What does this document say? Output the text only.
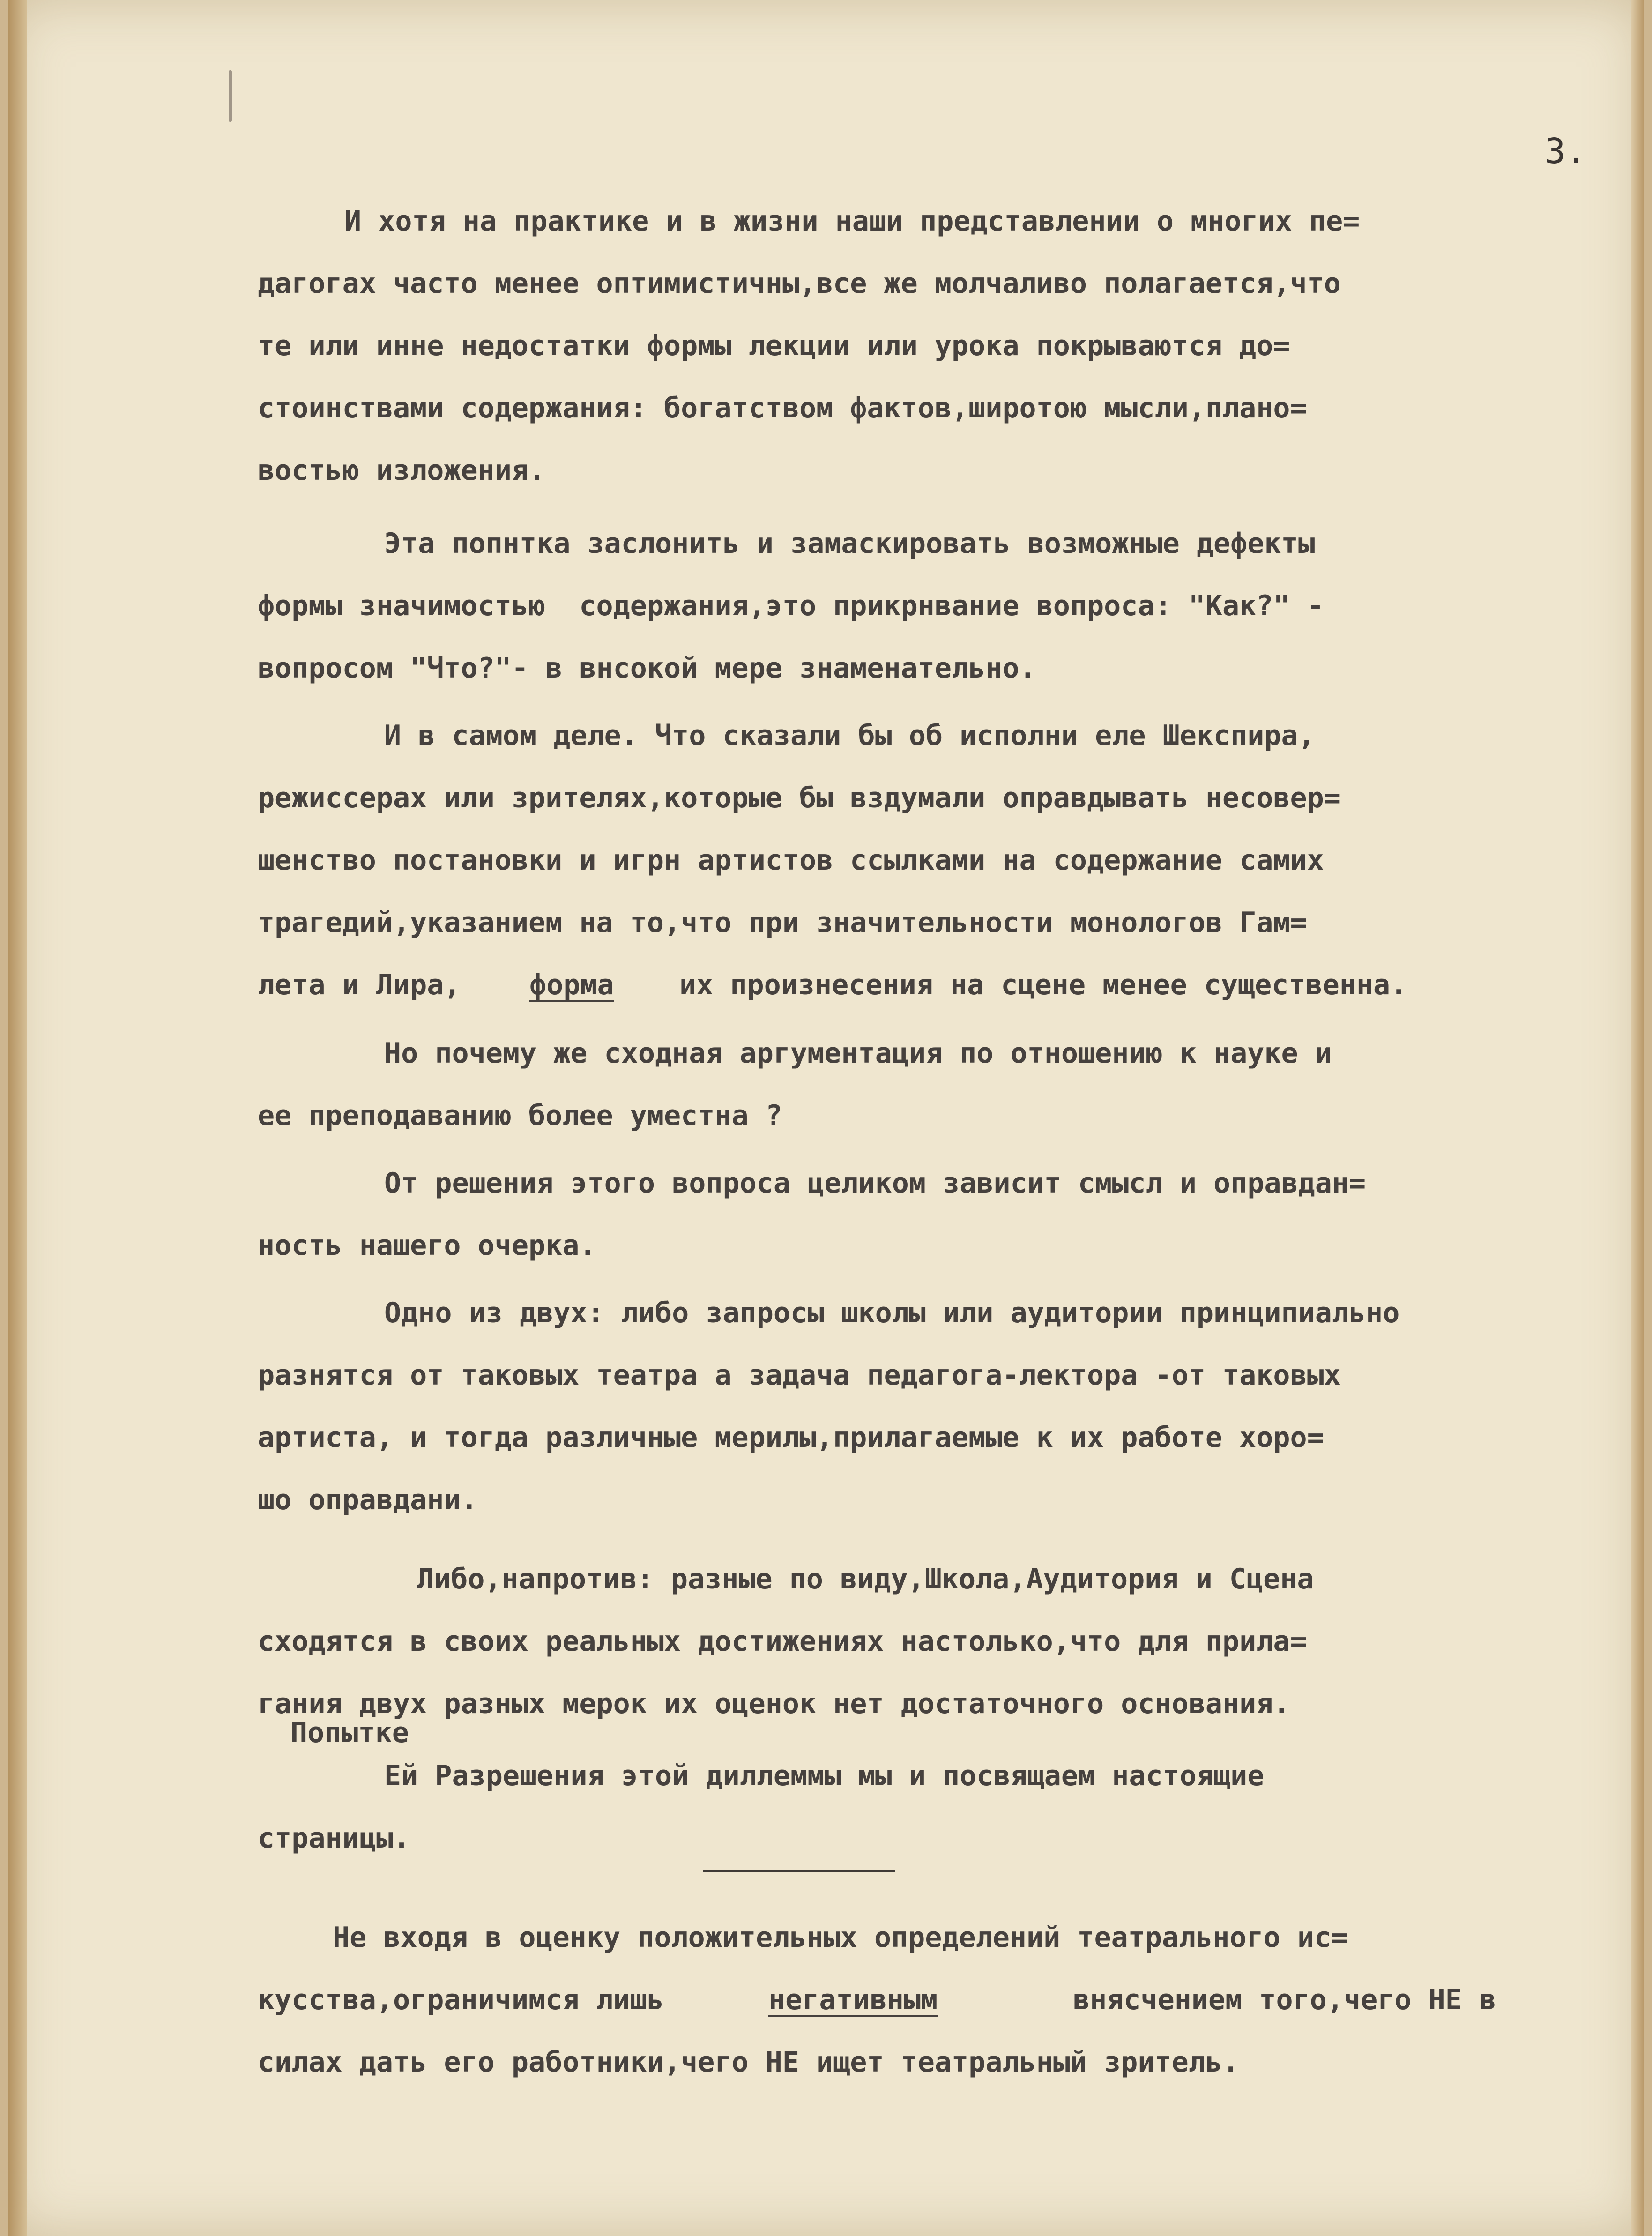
3.
И хотя на практике и в жизни наши представлении о многих пе=
дагогах часто менее оптимистичны,все же молчаливо полагается,что
те или инне недостатки формы лекции или урока покрываются до=
стоинствами содержания: богатством фактов,широтою мысли,плано=
востью изложения.
Эта попнтка заслонить и замаскировать возможные дефекты
формы значимостью  содержания,это прикрнвание вопроса: "Как?" -
вопросом "Что?"- в внсокой мере знаменательно.
И в самом деле. Что сказали бы об исполни еле Шекспира,
режиссерах или зрителях,которые бы вздумали оправдывать несовер=
шенство постановки и игрн артистов ссылками на содержание самих
трагедий,указанием на то,что при значительности монологов Гам=
лета и Лира, форма их произнесения на сцене менее существенна.
Но почему же сходная аргументация по отношению к науке и
ее преподаванию более уместна ?
От решения этого вопроса целиком зависит смысл и оправдан=
ность нашего очерка.
Одно из двух: либо запросы школы или аудитории принципиально
разнятся от таковых театра а задача педагога-лектора -от таковых
артиста, и тогда различные мерилы,прилагаемые к их работе хоро=
шо оправдани.
Либо,напротив: разные по виду,Школа,Аудитория и Сцена
сходятся в своих реальных достижениях настолько,что для прила=
гания двух разных мерок их оценок нет достаточного основания.
Попытке
Ей Разрешения этой диллеммы мы и посвящаем настоящие
страницы.
Не входя в оценку положительных определений театрального ис=
кусства,ограничимся лишь	негативным	внясчением того,чего НЕ в
силах дать его работники,чего НЕ ищет театральный зритель.
